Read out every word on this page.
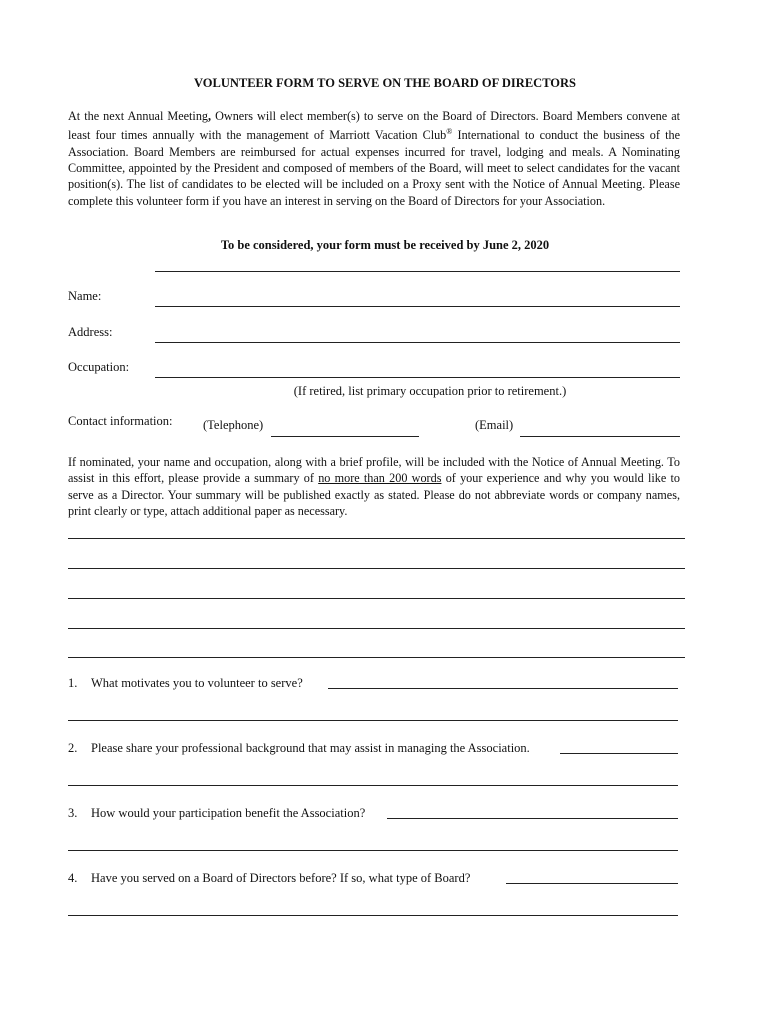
VOLUNTEER FORM TO SERVE ON THE BOARD OF DIRECTORS
At the next Annual Meeting, Owners will elect member(s) to serve on the Board of Directors. Board Members convene at least four times annually with the management of Marriott Vacation Club® International to conduct the business of the Association. Board Members are reimbursed for actual expenses incurred for travel, lodging and meals. A Nominating Committee, appointed by the President and composed of members of the Board, will meet to select candidates for the vacant position(s). The list of candidates to be elected will be included on a Proxy sent with the Notice of Annual Meeting. Please complete this volunteer form if you have an interest in serving on the Board of Directors for your Association.
To be considered, your form must be received by June 2, 2020
Name:
Address:
Occupation:
(If retired, list primary occupation prior to retirement.)
Contact information: (Telephone)	(Email)
If nominated, your name and occupation, along with a brief profile, will be included with the Notice of Annual Meeting. To assist in this effort, please provide a summary of no more than 200 words of your experience and why you would like to serve as a Director. Your summary will be published exactly as stated. Please do not abbreviate words or company names, print clearly or type, attach additional paper as necessary.
1. What motivates you to volunteer to serve?
2. Please share your professional background that may assist in managing the Association.
3. How would your participation benefit the Association?
4. Have you served on a Board of Directors before? If so, what type of Board?
